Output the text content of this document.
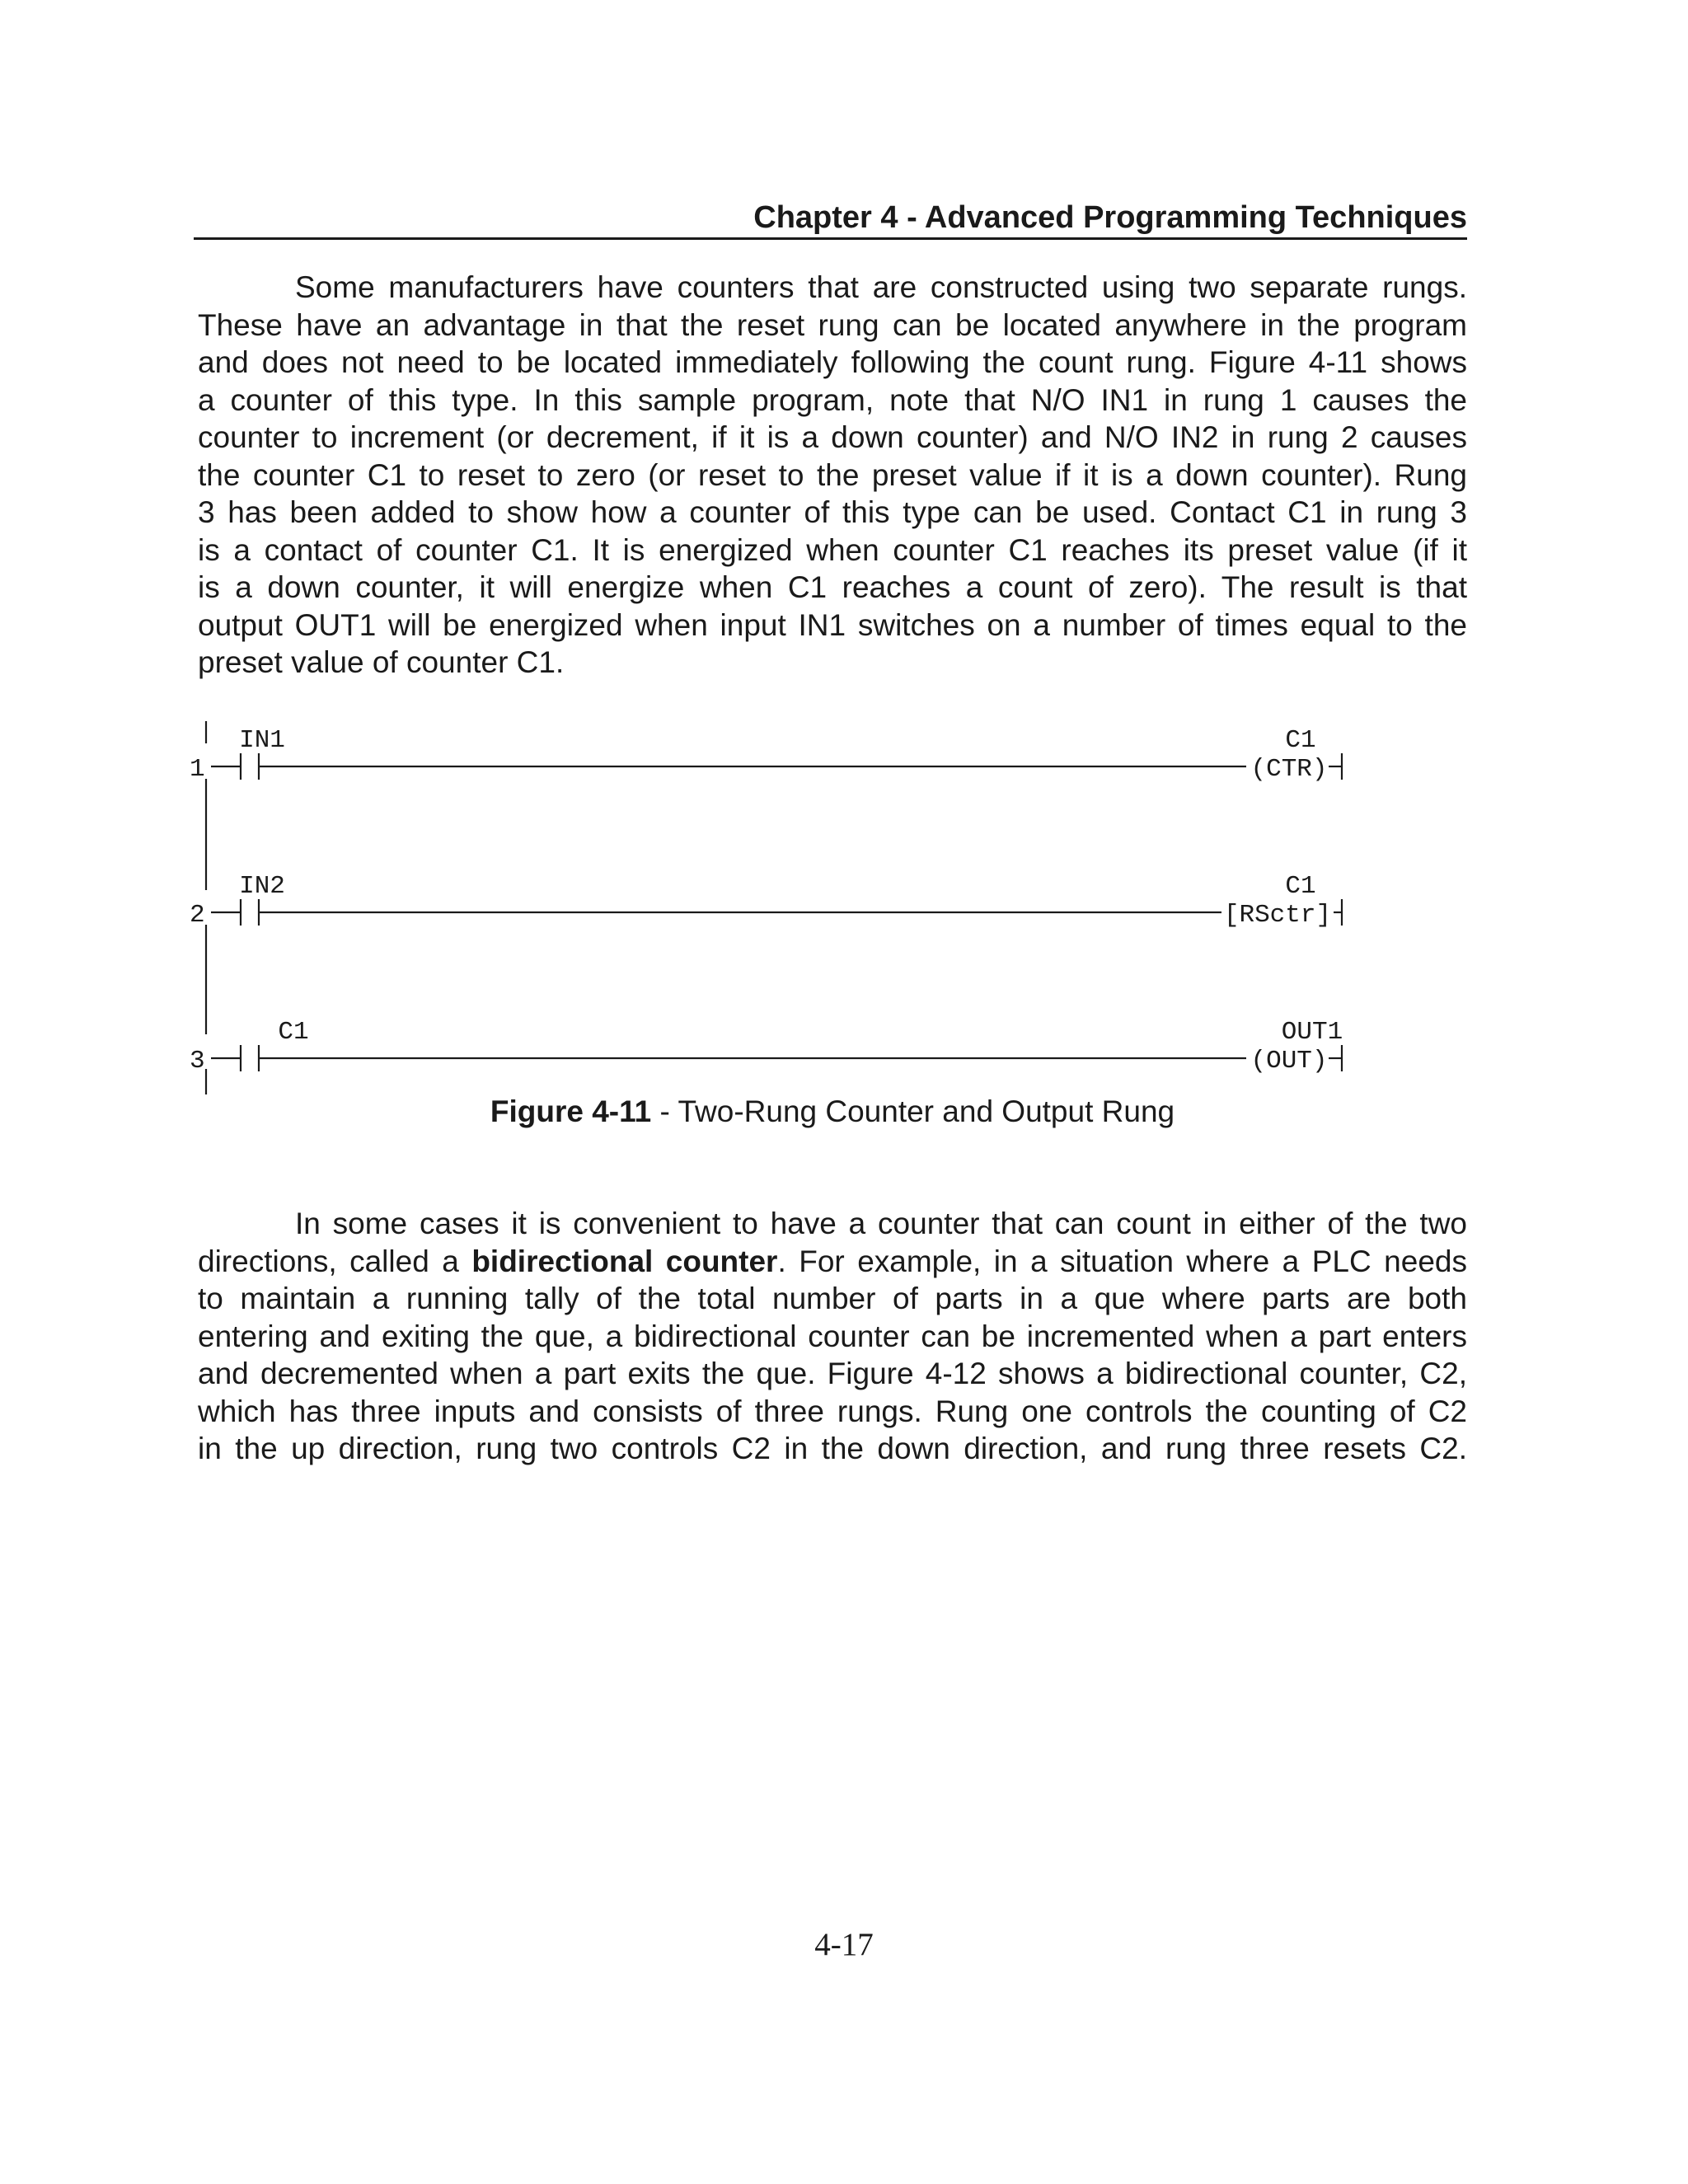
Chapter 4 - Advanced Programming Techniques
Some manufacturers have counters that are constructed using two separate rungs.
These have an advantage in that the reset rung can be located anywhere in the program
and does not need to be located immediately following the count rung. Figure 4-11 shows
a counter of this type. In this sample program, note that N/O IN1 in rung 1 causes the
counter to increment (or decrement, if it is a down counter) and N/O IN2 in rung 2 causes
the counter C1 to reset to zero (or reset to the preset value if it is a down counter). Rung
3 has been added to show how a counter of this type can be used. Contact C1 in rung 3
is a contact of counter C1. It is energized when counter C1 reaches its preset value (if it
is a down counter, it will energize when C1 reaches a count of zero). The result is that
output OUT1 will be energized when input IN1 switches on a number of times equal to the
preset value of counter C1.
1
IN1	C1
(CTR)
2
IN2	C1
[RSctr]
3
C1	OUT1
(OUT)
Figure 4-11 - Two-Rung Counter and Output Rung
In some cases it is convenient to have a counter that can count in either of the two
directions, called a bidirectional counter. For example, in a situation where a PLC needs
to maintain a running tally of the total number of parts in a que where parts are both
entering and exiting the que, a bidirectional counter can be incremented when a part enters
and decremented when a part exits the que. Figure 4-12 shows a bidirectional counter, C2,
which has three inputs and consists of three rungs. Rung one controls the counting of C2
in the up direction, rung two controls C2 in the down direction, and rung three resets C2.
4-17
